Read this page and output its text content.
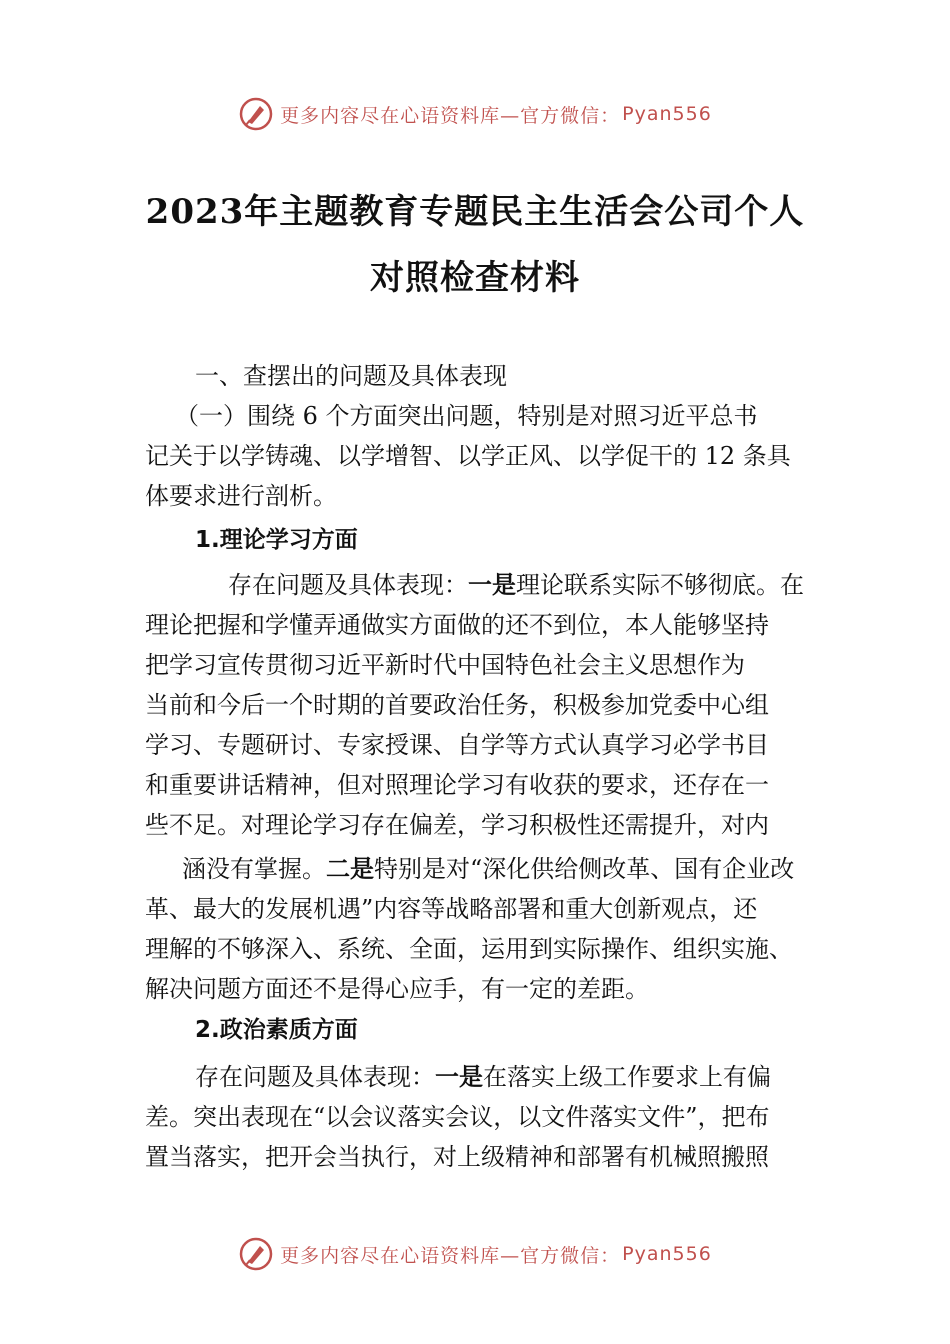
更多内容尽在心语资料库—官方微信： Pyan556
2023年主题教育专题民主生活会公司个人
对照检查材料

一、查摆出的问题及具体表现

（一）围绕 6 个方面突出问题，特别是对照习近平总书

记关于以学铸魂、以学增智、以学正风、以学促干的 12 条具

体要求进行剖析。

1.理论学习方面

存在问题及具体表现：一是理论联系实际不够彻底。在

理论把握和学懂弄通做实方面做的还不到位，本人能够坚持

把学习宣传贯彻习近平新时代中国特色社会主义思想作为

当前和今后一个时期的首要政治任务，积极参加党委中心组

学习、专题研讨、专家授课、自学等方式认真学习必学书目

和重要讲话精神，但对照理论学习有收获的要求，还存在一

些不足。对理论学习存在偏差，学习积极性还需提升，对内

涵没有掌握。二是特别是对“深化供给侧改革、国有企业改

革、最大的发展机遇”内容等战略部署和重大创新观点，还

理解的不够深入、系统、全面，运用到实际操作、组织实施、

解决问题方面还不是得心应手，有一定的差距。

2.政治素质方面

存在问题及具体表现：一是在落实上级工作要求上有偏

差。突出表现在“以会议落实会议，以文件落实文件”，把布

置当落实，把开会当执行，对上级精神和部署有机械照搬照

更多内容尽在心语资料库—官方微信： Pyan556
